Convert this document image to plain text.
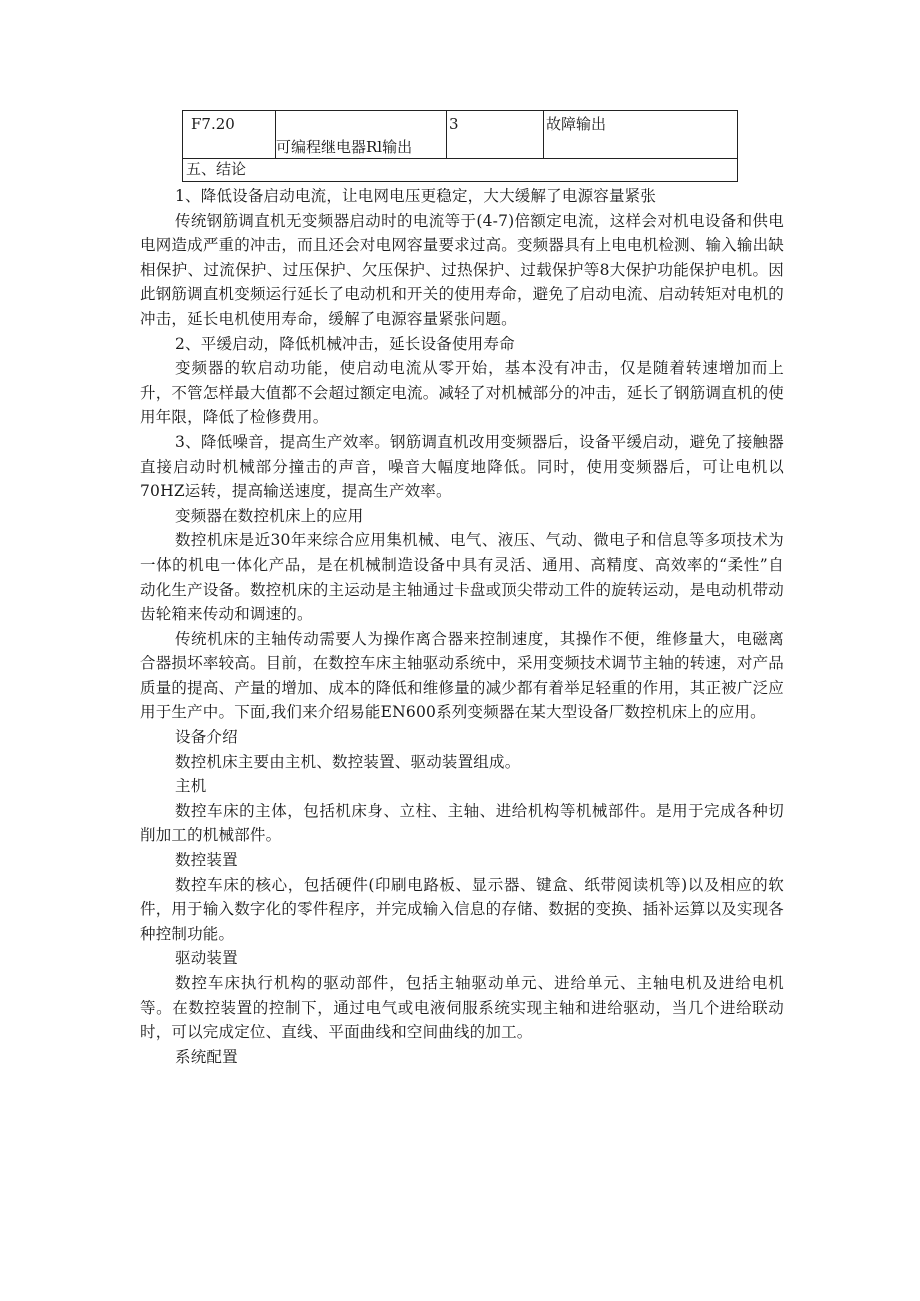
F7.20	可编程继电器Rl输出	3	故障输出
五、结论

1、降低设备启动电流，让电网电压更稳定，大大缓解了电源容量紧张

传统钢筋调直机无变频器启动时的电流等于(4-7)倍额定电流，这样会对机电设备和供电电网造成严重的冲击，而且还会对电网容量要求过高。变频器具有上电电机检测、输入输出缺相保护、过流保护、过压保护、欠压保护、过热保护、过载保护等8大保护功能保护电机。因此钢筋调直机变频运行延长了电动机和开关的使用寿命，避免了启动电流、启动转矩对电机的冲击，延长电机使用寿命，缓解了电源容量紧张问题。

2、平缓启动，降低机械冲击，延长设备使用寿命

变频器的软启动功能，使启动电流从零开始，基本没有冲击，仅是随着转速增加而上升，不管怎样最大值都不会超过额定电流。减轻了对机械部分的冲击，延长了钢筋调直机的使用年限，降低了检修费用。

3、降低噪音，提高生产效率。钢筋调直机改用变频器后，设备平缓启动，避免了接触器直接启动时机械部分撞击的声音，噪音大幅度地降低。同时，使用变频器后，可让电机以70HZ运转，提高输送速度，提高生产效率。

变频器在数控机床上的应用

数控机床是近30年来综合应用集机械、电气、液压、气动、微电子和信息等多项技术为一体的机电一体化产品，是在机械制造设备中具有灵活、通用、高精度、高效率的“柔性”自动化生产设备。数控机床的主运动是主轴通过卡盘或顶尖带动工件的旋转运动，是电动机带动齿轮箱来传动和调速的。

传统机床的主轴传动需要人为操作离合器来控制速度，其操作不便，维修量大，电磁离合器损坏率较高。目前，在数控车床主轴驱动系统中，采用变频技术调节主轴的转速，对产品质量的提高、产量的增加、成本的降低和维修量的减少都有着举足轻重的作用，其正被广泛应用于生产中。下面,我们来介绍易能EN600系列变频器在某大型设备厂数控机床上的应用。

设备介绍

数控机床主要由主机、数控装置、驱动装置组成。

主机

数控车床的主体，包括机床身、立柱、主轴、进给机构等机械部件。是用于完成各种切削加工的机械部件。

数控装置

数控车床的核心，包括硬件(印刷电路板、显示器、键盒、纸带阅读机等)以及相应的软件，用于输入数字化的零件程序，并完成输入信息的存储、数据的变换、插补运算以及实现各种控制功能。

驱动装置

数控车床执行机构的驱动部件，包括主轴驱动单元、进给单元、主轴电机及进给电机等。在数控装置的控制下，通过电气或电液伺服系统实现主轴和进给驱动，当几个进给联动时，可以完成定位、直线、平面曲线和空间曲线的加工。

系统配置
